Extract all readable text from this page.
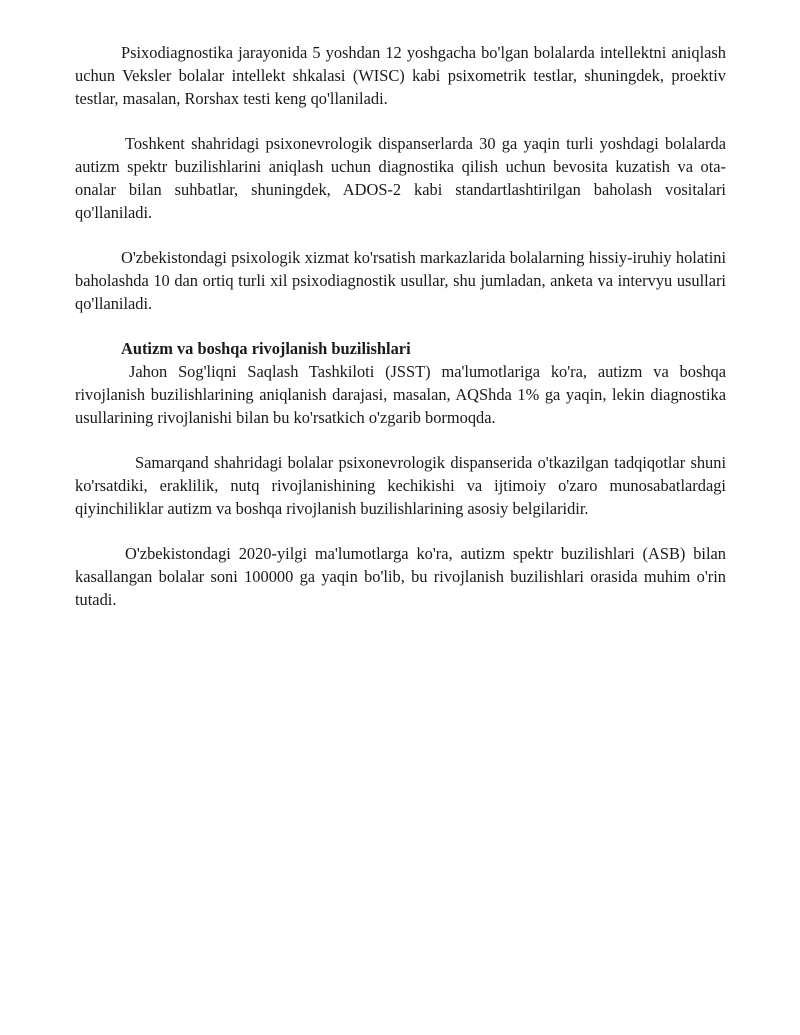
Psixodiagnostika jarayonida 5 yoshdan 12 yoshgacha bo'lgan bolalarda intellektni aniqlash uchun Veksler bolalar intellekt shkalasi (WISC) kabi psixometrik testlar, shuningdek, proektiv testlar, masalan, Rorshax testi keng qo'llaniladi.

Toshkent shahridagi psixonevrologik dispanserlarda 30 ga yaqin turli yoshdagi bolalarda autizm spektr buzilishlarini aniqlash uchun diagnostika qilish uchun bevosita kuzatish va ota-onalar bilan suhbatlar, shuningdek, ADOS-2 kabi standartlashtirilgan baholash vositalari qo'llaniladi.

O'zbekistondagi psixologik xizmat ko'rsatish markazlarida bolalarning hissiy-iruhiy holatini baholashda 10 dan ortiq turli xil psixodiagnostik usullar, shu jumladan, anketa va intervyu usullari qo'llaniladi.

Autizm va boshqa rivojlanish buzilishlari

Jahon Sog'liqni Saqlash Tashkiloti (JSST) ma'lumotlariga ko'ra, autizm va boshqa rivojlanish buzilishlarining aniqlanish darajasi, masalan, AQShda 1% ga yaqin, lekin diagnostika usullarining rivojlanishi bilan bu ko'rsatkich o'zgarib bormoqda.

Samarqand shahridagi bolalar psixonevrologik dispanserida o'tkazilgan tadqiqotlar shuni ko'rsatdiki, eraklilik, nutq rivojlanishining kechikishi va ijtimoiy o'zaro munosabatlardagi qiyinchiliklar autizm va boshqa rivojlanish buzilishlarining asosiy belgilaridir.

O'zbekistondagi 2020-yilgi ma'lumotlarga ko'ra, autizm spektr buzilishlari (ASB) bilan kasallangan bolalar soni 100000 ga yaqin bo'lib, bu rivojlanish buzilishlari orasida muhim o'rin tutadi.
